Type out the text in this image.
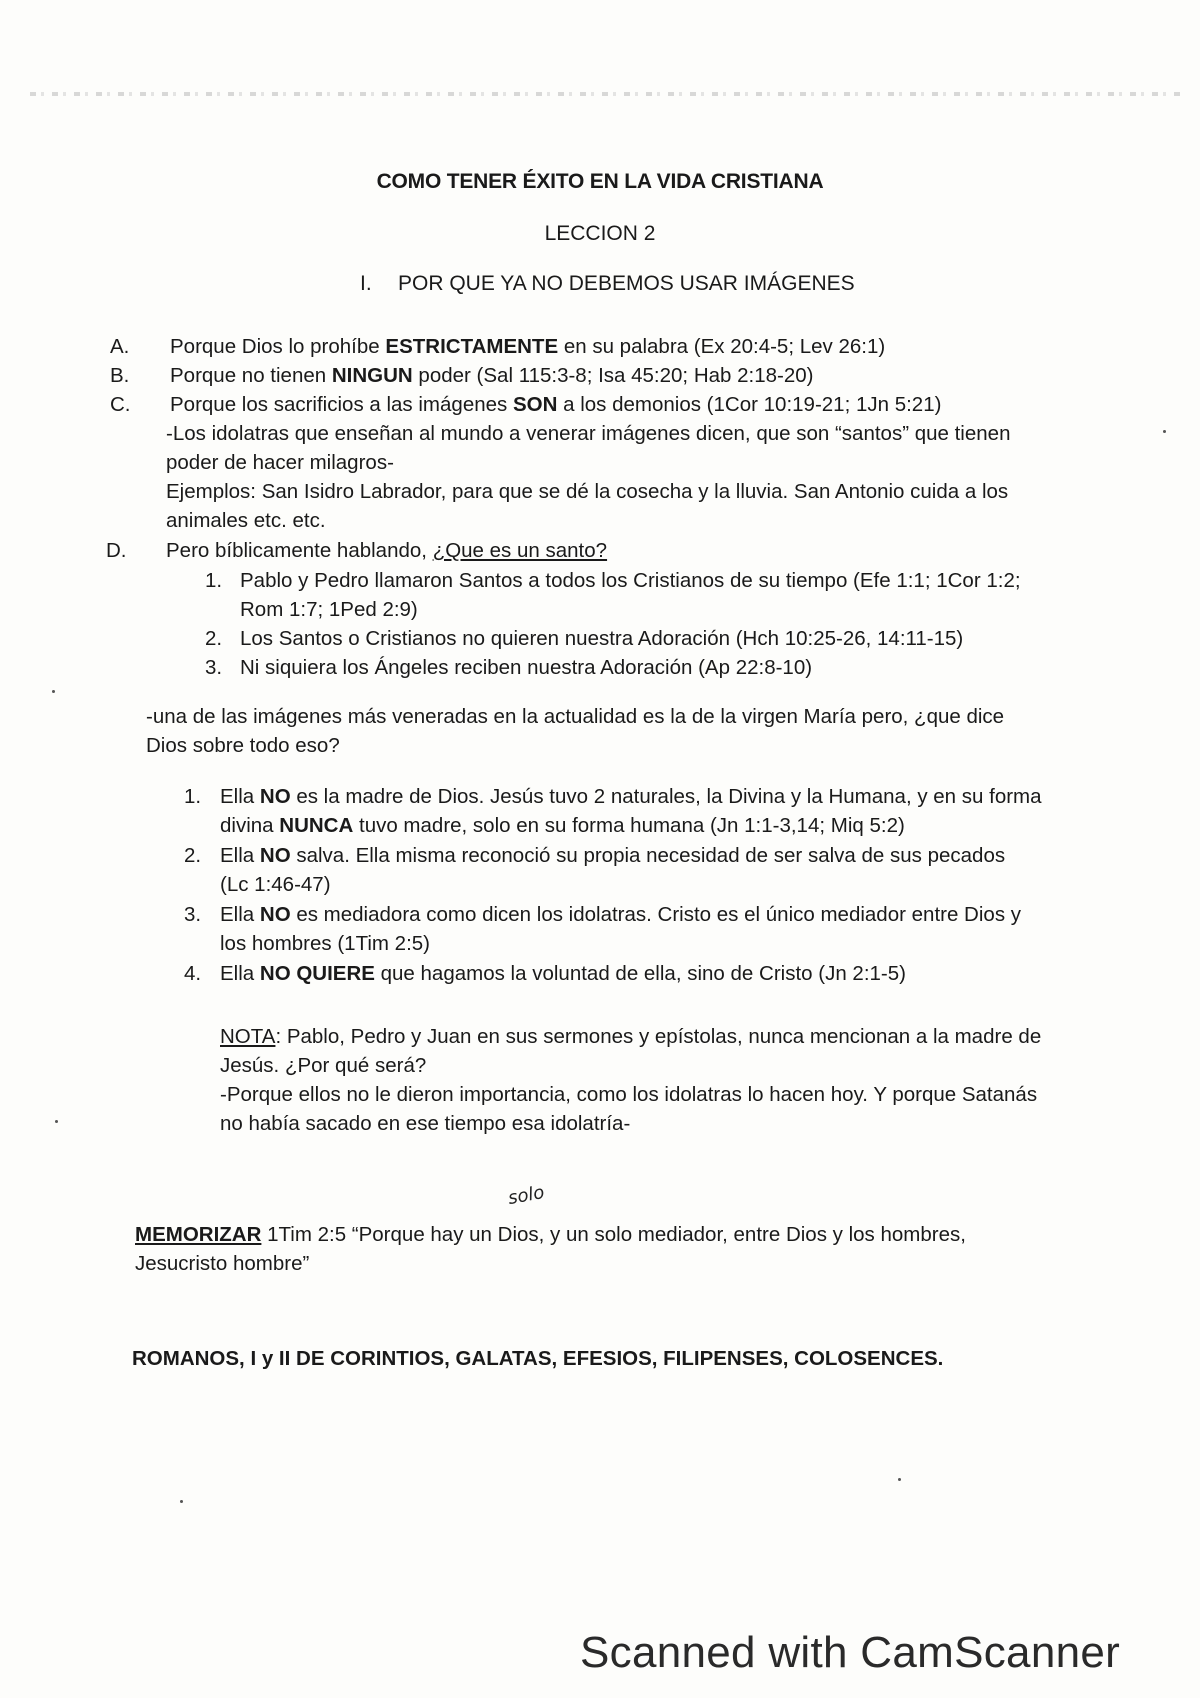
COMO TENER ÉXITO EN LA VIDA CRISTIANA
LECCION 2
I. POR QUE YA NO DEBEMOS USAR IMÁGENES
A. Porque Dios lo prohíbe ESTRICTAMENTE en su palabra (Ex 20:4-5; Lev 26:1)
B. Porque no tienen NINGUN poder (Sal 115:3-8; Isa 45:20; Hab 2:18-20)
C. Porque los sacrificios a las imágenes SON a los demonios (1Cor 10:19-21; 1Jn 5:21)
-Los idolatras que enseñan al mundo a venerar imágenes dicen, que son “santos” que tienen
poder de hacer milagros-
Ejemplos: San Isidro Labrador, para que se dé la cosecha y la lluvia. San Antonio cuida a los
animales etc. etc.
D. Pero bíblicamente hablando, ¿Que es un santo?
1. Pablo y Pedro llamaron Santos a todos los Cristianos de su tiempo (Efe 1:1; 1Cor 1:2;
Rom 1:7; 1Ped 2:9)
2. Los Santos o Cristianos no quieren nuestra Adoración (Hch 10:25-26, 14:11-15)
3. Ni siquiera los Ángeles reciben nuestra Adoración (Ap 22:8-10)
-una de las imágenes más veneradas en la actualidad es la de la virgen María pero, ¿que dice
Dios sobre todo eso?
1. Ella NO es la madre de Dios. Jesús tuvo 2 naturales, la Divina y la Humana, y en su forma
divina NUNCA tuvo madre, solo en su forma humana (Jn 1:1-3,14; Miq 5:2)
2. Ella NO salva. Ella misma reconoció su propia necesidad de ser salva de sus pecados
(Lc 1:46-47)
3. Ella NO es mediadora como dicen los idolatras. Cristo es el único mediador entre Dios y
los hombres (1Tim 2:5)
4. Ella NO QUIERE que hagamos la voluntad de ella, sino de Cristo (Jn 2:1-5)
NOTA: Pablo, Pedro y Juan en sus sermones y epístolas, nunca mencionan a la madre de
Jesús. ¿Por qué será?
-Porque ellos no le dieron importancia, como los idolatras lo hacen hoy. Y porque Satanás
no había sacado en ese tiempo esa idolatría-
solo
MEMORIZAR 1Tim 2:5 “Porque hay un Dios, y un solo mediador, entre Dios y los hombres,
Jesucristo hombre”
ROMANOS, I y II DE CORINTIOS, GALATAS, EFESIOS, FILIPENSES, COLOSENCES.
Scanned with CamScanner
